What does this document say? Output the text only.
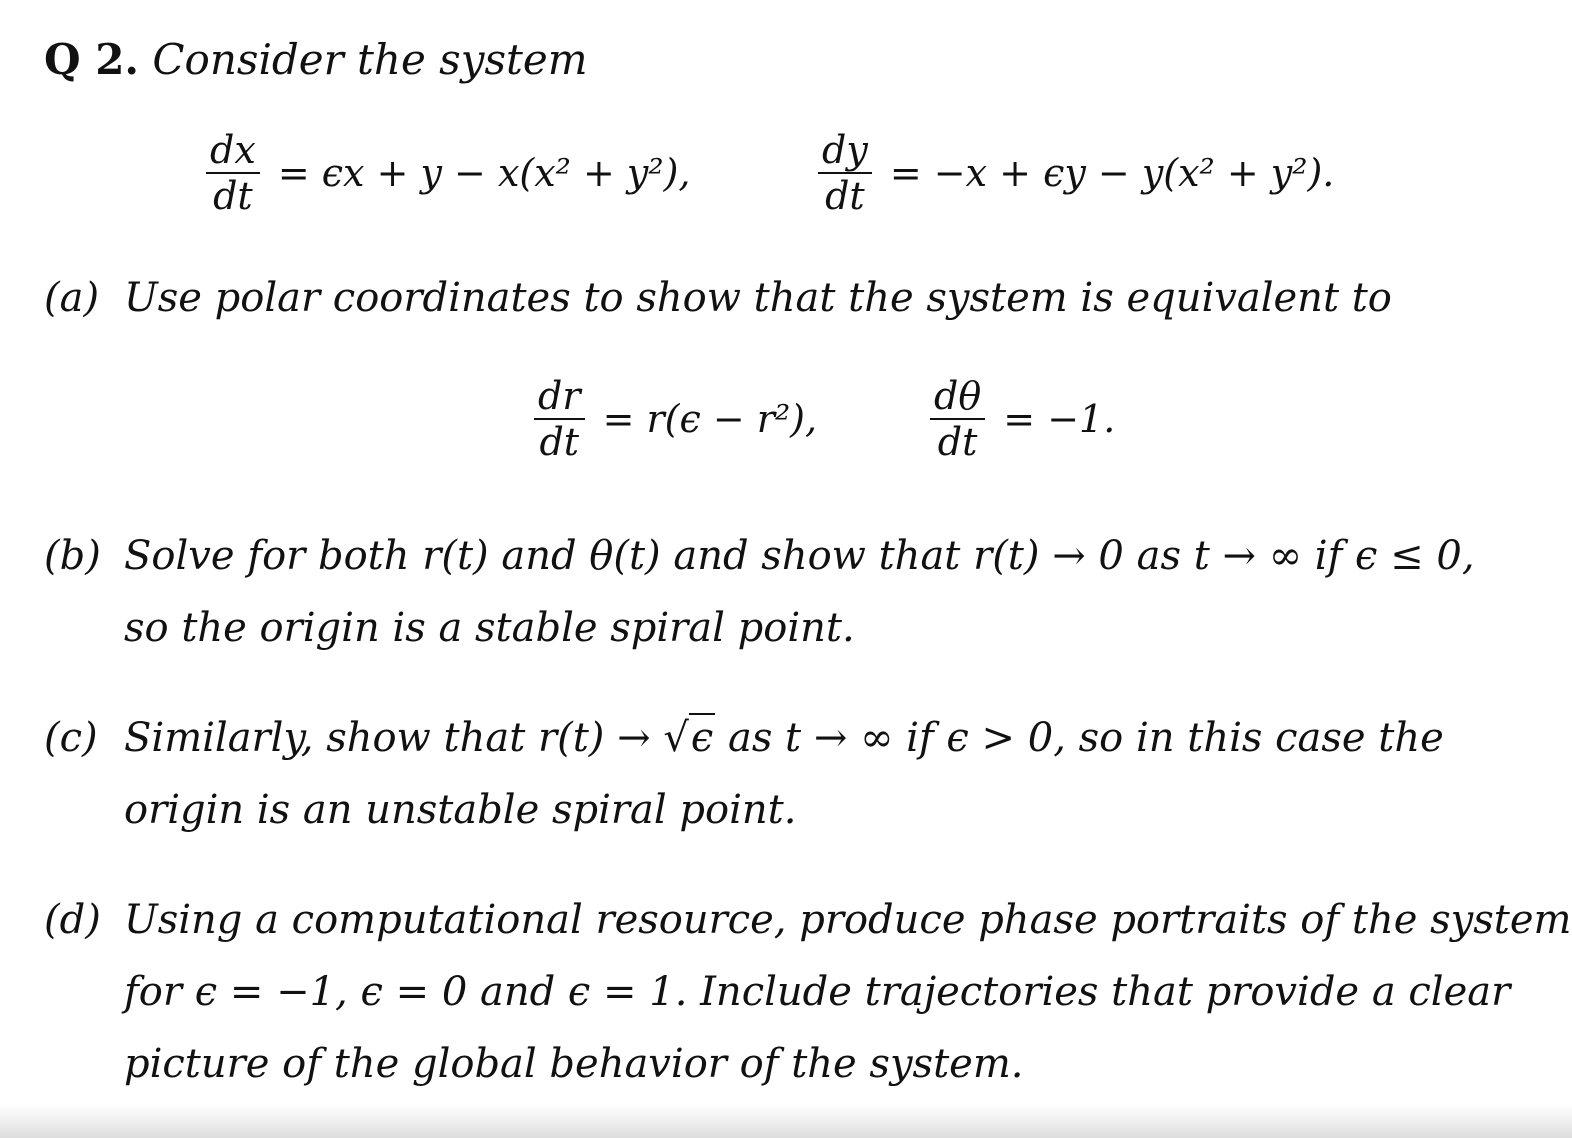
Q 2. Consider the system
$\frac{dx}{dt} = \epsilon x + y - x(x^2 + y^2)$,	$\frac{dy}{dt} = -x + \epsilon y - y(x^2 + y^2)$.
(a) Use polar coordinates to show that the system is equivalent to
$\frac{dr}{dt} = r(\epsilon - r^2)$,	$\frac{d\theta}{dt} = -1$.
(b) Solve for both r(t) and θ(t) and show that r(t) → 0 as t → ∞ if ϵ ≤ 0,
so the origin is a stable spiral point.
(c) Similarly, show that r(t) → √ϵ as t → ∞ if ϵ > 0, so in this case the
origin is an unstable spiral point.
(d) Using a computational resource, produce phase portraits of the system
for ϵ = −1, ϵ = 0 and ϵ = 1. Include trajectories that provide a clear
picture of the global behavior of the system.
